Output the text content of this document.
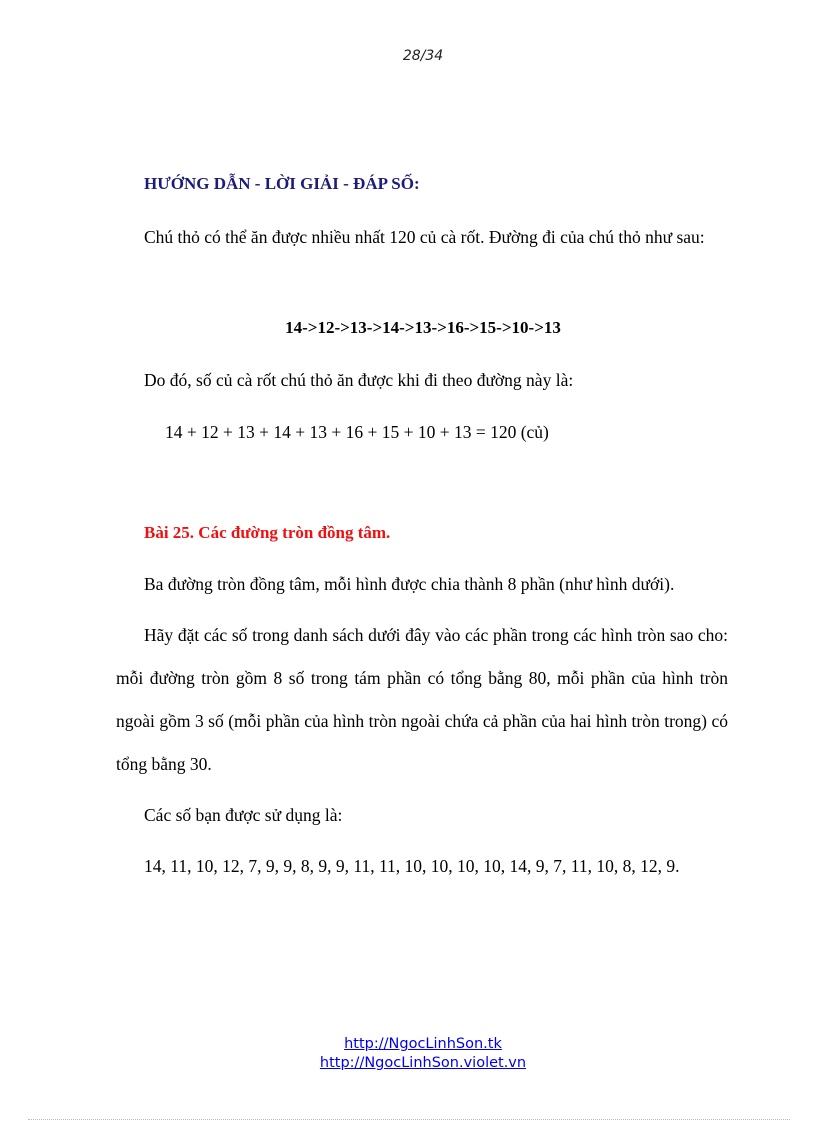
28/34

HƯỚNG DẪN - LỜI GIẢI - ĐÁP SỐ:

Chú thỏ có thể ăn được nhiều nhất 120 củ cà rốt. Đường đi của chú thỏ như sau:

14->12->13->14->13->16->15->10->13

Do đó, số củ cà rốt chú thỏ ăn được khi đi theo đường này là:

14 + 12 + 13 + 14 + 13 + 16 + 15 + 10 + 13 = 120 (củ)

Bài 25. Các đường tròn đồng tâm.

Ba đường tròn đồng tâm, mỗi hình được chia thành 8 phần (như hình dưới).

Hãy đặt các số trong danh sách dưới đây vào các phần trong các hình tròn sao cho: mỗi đường tròn gồm 8 số trong tám phần có tổng bằng 80, mỗi phần của hình tròn ngoài gồm 3 số (mỗi phần của hình tròn ngoài chứa cả phần của hai hình tròn trong) có tổng bằng 30.

Các số bạn được sử dụng là:

14, 11, 10, 12, 7, 9, 9, 8, 9, 9, 11, 11, 10, 10, 10, 10, 14, 9, 7, 11, 10, 8, 12, 9.

http://NgocLinhSon.tk
http://NgocLinhSon.violet.vn
